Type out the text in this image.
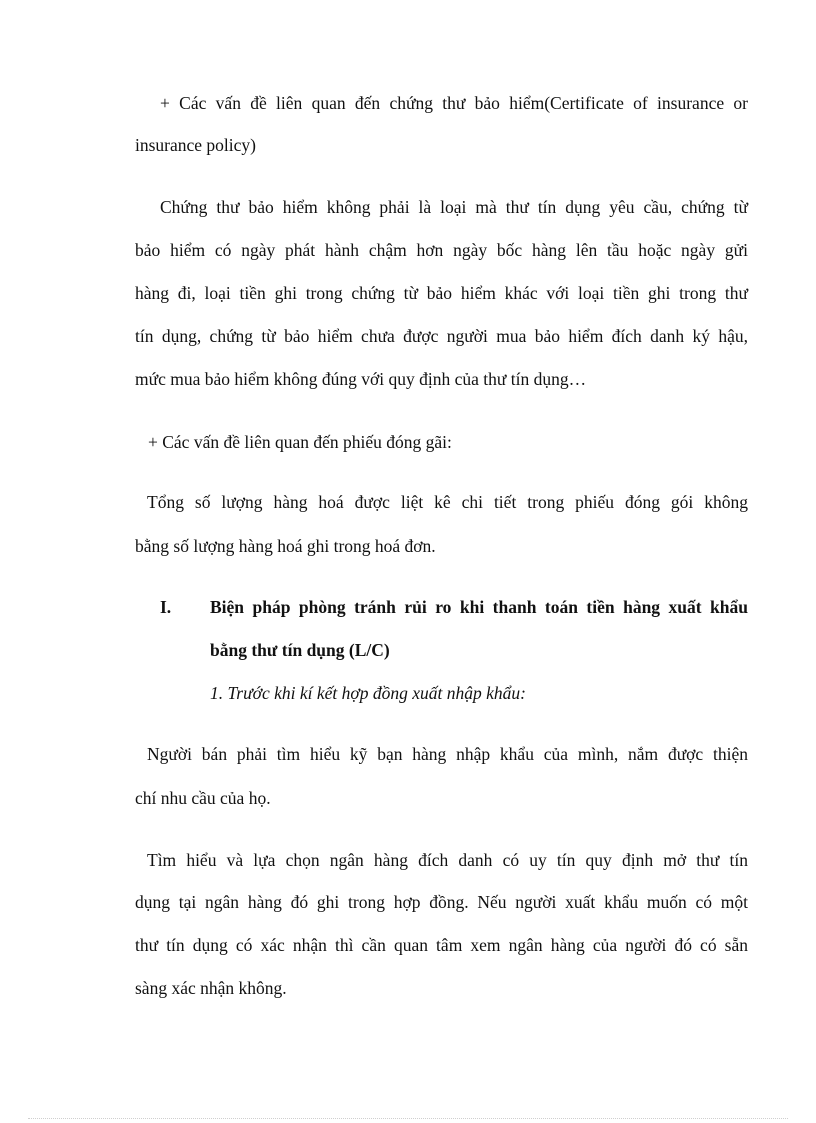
+ Các vấn đề liên quan đến chứng thư bảo hiểm(Certificate of insurance or
insurance policy)
Chứng thư bảo hiểm không phải là loại mà thư tín dụng yêu cầu, chứng từ
bảo hiểm có ngày phát hành chậm hơn ngày bốc hàng lên tầu hoặc ngày gửi
hàng đi, loại tiền ghi trong chứng từ bảo hiểm khác với loại tiền ghi trong thư
tín dụng, chứng từ bảo hiểm chưa được người mua bảo hiểm đích danh ký hậu,
mức mua bảo hiểm không đúng với quy định của thư tín dụng…
+ Các vấn đề liên quan đến phiếu đóng gãi:
Tổng số lượng hàng hoá được liệt kê chi tiết trong phiếu đóng gói không
bằng số lượng hàng hoá ghi trong hoá đơn.
I. Biện pháp phòng tránh rủi ro khi thanh toán tiền hàng xuất khẩu
bằng thư tín dụng (L/C)
1. Trước khi kí kết hợp đồng xuất nhập khẩu:
Người bán phải tìm hiểu kỹ bạn hàng nhập khẩu của mình, nắm được thiện
chí nhu cầu của họ.
Tìm hiểu và lựa chọn ngân hàng đích danh có uy tín quy định mở thư tín
dụng tại ngân hàng đó ghi trong hợp đồng. Nếu người xuất khẩu muốn có một
thư tín dụng có xác nhận thì cần quan tâm xem ngân hàng của người đó có sẵn
sàng xác nhận không.
